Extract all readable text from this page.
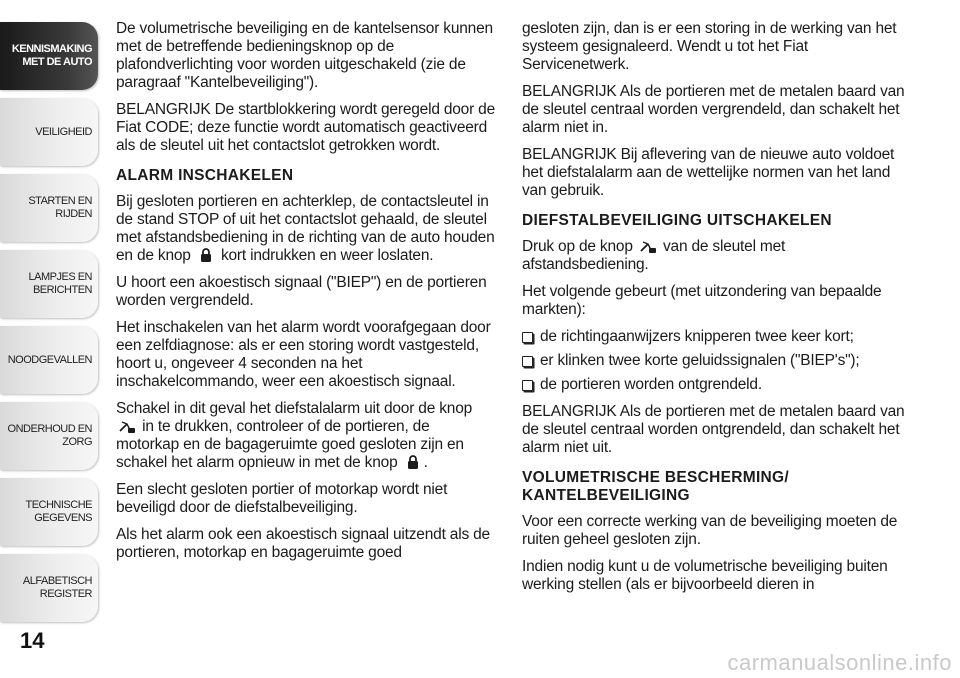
KENNISMAKING
MET DE AUTO
VEILIGHEID
STARTEN EN RIJDEN
LAMPJES EN
BERICHTEN
NOODGEVALLEN
ONDERHOUD EN
ZORG
TECHNISCHE
GEGEVENS
ALFABETISCH
REGISTER
14

De volumetrische beveiliging en de kantelsensor kunnen met de betreffende bedieningsknop op de plafondverlichting voor worden uitgeschakeld (zie de paragraaf "Kantelbeveiliging").

BELANGRIJK De startblokkering wordt geregeld door de Fiat CODE; deze functie wordt automatisch geactiveerd als de sleutel uit het contactslot getrokken wordt.

ALARM INSCHAKELEN

Bij gesloten portieren en achterklep, de contactsleutel in de stand STOP of uit het contactslot gehaald, de sleutel met afstandsbediening in de richting van de auto houden en de knop kort indrukken en weer loslaten.

U hoort een akoestisch signaal ("BIEP") en de portieren worden vergrendeld.

Het inschakelen van het alarm wordt voorafgegaan door een zelfdiagnose: als er een storing wordt vastgesteld, hoort u, ongeveer 4 seconden na het inschakelcommando, weer een akoestisch signaal.

Schakel in dit geval het diefstalalarm uit door de knop  in te drukken, controleer of de portieren, de motorkap en de bagageruimte goed gesloten zijn en schakel het alarm opnieuw in met de knop .

Een slecht gesloten portier of motorkap wordt niet beveiligd door de diefstalbeveiliging.

Als het alarm ook een akoestisch signaal uitzendt als de portieren, motorkap en bagageruimte goed

gesloten zijn, dan is er een storing in de werking van het systeem gesignaleerd. Wendt u tot het Fiat Servicenetwerk.

BELANGRIJK Als de portieren met de metalen baard van de sleutel centraal worden vergrendeld, dan schakelt het alarm niet in.

BELANGRIJK Bij aflevering van de nieuwe auto voldoet het diefstalalarm aan de wettelijke normen van het land van gebruik.

DIEFSTALBEVEILIGING UITSCHAKELEN

Druk op de knop van de sleutel met afstandsbediening.

Het volgende gebeurt (met uitzondering van bepaalde markten):

de richtingaanwijzers knipperen twee keer kort;
er klinken twee korte geluidssignalen ("BIEP's");
de portieren worden ontgrendeld.

BELANGRIJK Als de portieren met de metalen baard van de sleutel centraal worden ontgrendeld, dan schakelt het alarm niet uit.

VOLUMETRISCHE BESCHERMING/
KANTELBEVEILIGING

Voor een correcte werking van de beveiliging moeten de ruiten geheel gesloten zijn.

Indien nodig kunt u de volumetrische beveiliging buiten werking stellen (als er bijvoorbeeld dieren in

carmanualsonline.info
